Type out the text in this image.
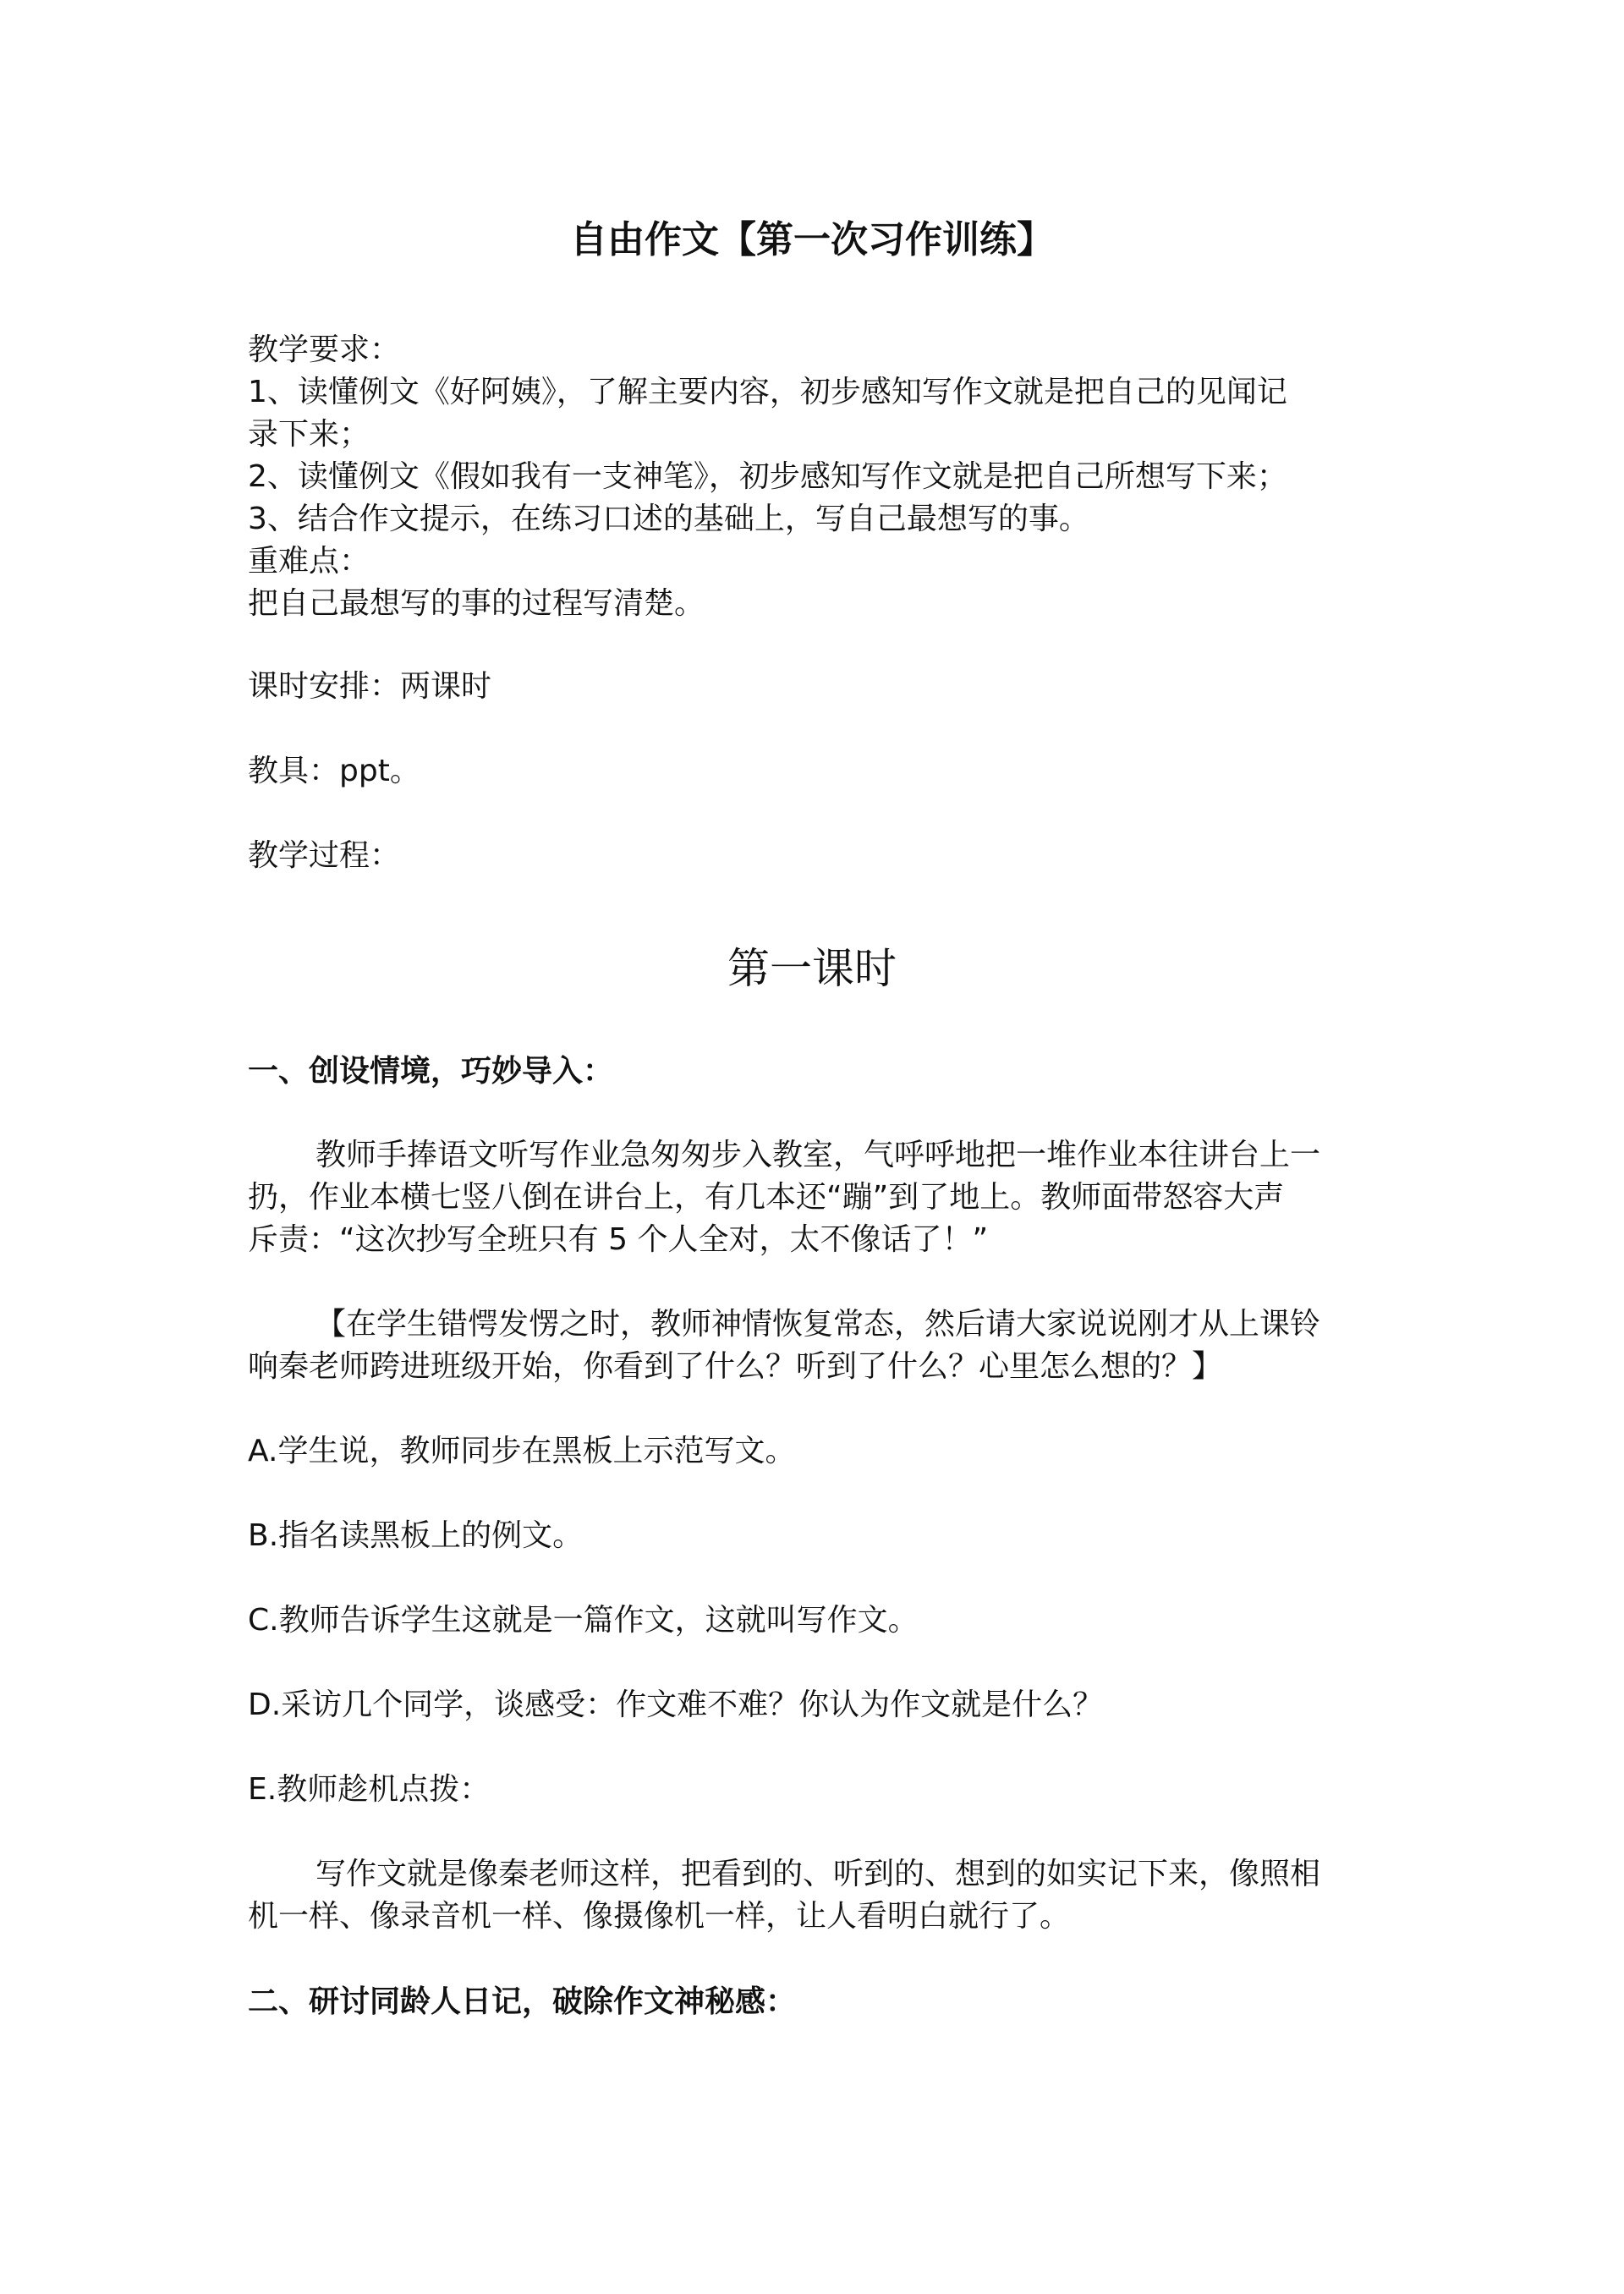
自由作文【第一次习作训练】
教学要求：
1、读懂例文《好阿姨》，了解主要内容，初步感知写作文就是把自己的见闻记
录下来；
2、读懂例文《假如我有一支神笔》，初步感知写作文就是把自己所想写下来；
3、结合作文提示，在练习口述的基础上，写自己最想写的事。
重难点：
把自己最想写的事的过程写清楚。
课时安排：两课时
教具：ppt。
教学过程：
第一课时
一、创设情境，巧妙导入：
教师手捧语文听写作业急匆匆步入教室，气呼呼地把一堆作业本往讲台上一
扔，作业本横七竖八倒在讲台上，有几本还“蹦”到了地上。教师面带怒容大声
斥责：“这次抄写全班只有 5 个人全对，太不像话了！”
【在学生错愕发愣之时，教师神情恢复常态，然后请大家说说刚才从上课铃
响秦老师跨进班级开始，你看到了什么？听到了什么？心里怎么想的？】
A.学生说，教师同步在黑板上示范写文。
B.指名读黑板上的例文。
C.教师告诉学生这就是一篇作文，这就叫写作文。
D.采访几个同学，谈感受：作文难不难？你认为作文就是什么？
E.教师趁机点拨：
写作文就是像秦老师这样，把看到的、听到的、想到的如实记下来，像照相
机一样、像录音机一样、像摄像机一样，让人看明白就行了。
二、研讨同龄人日记，破除作文神秘感：
